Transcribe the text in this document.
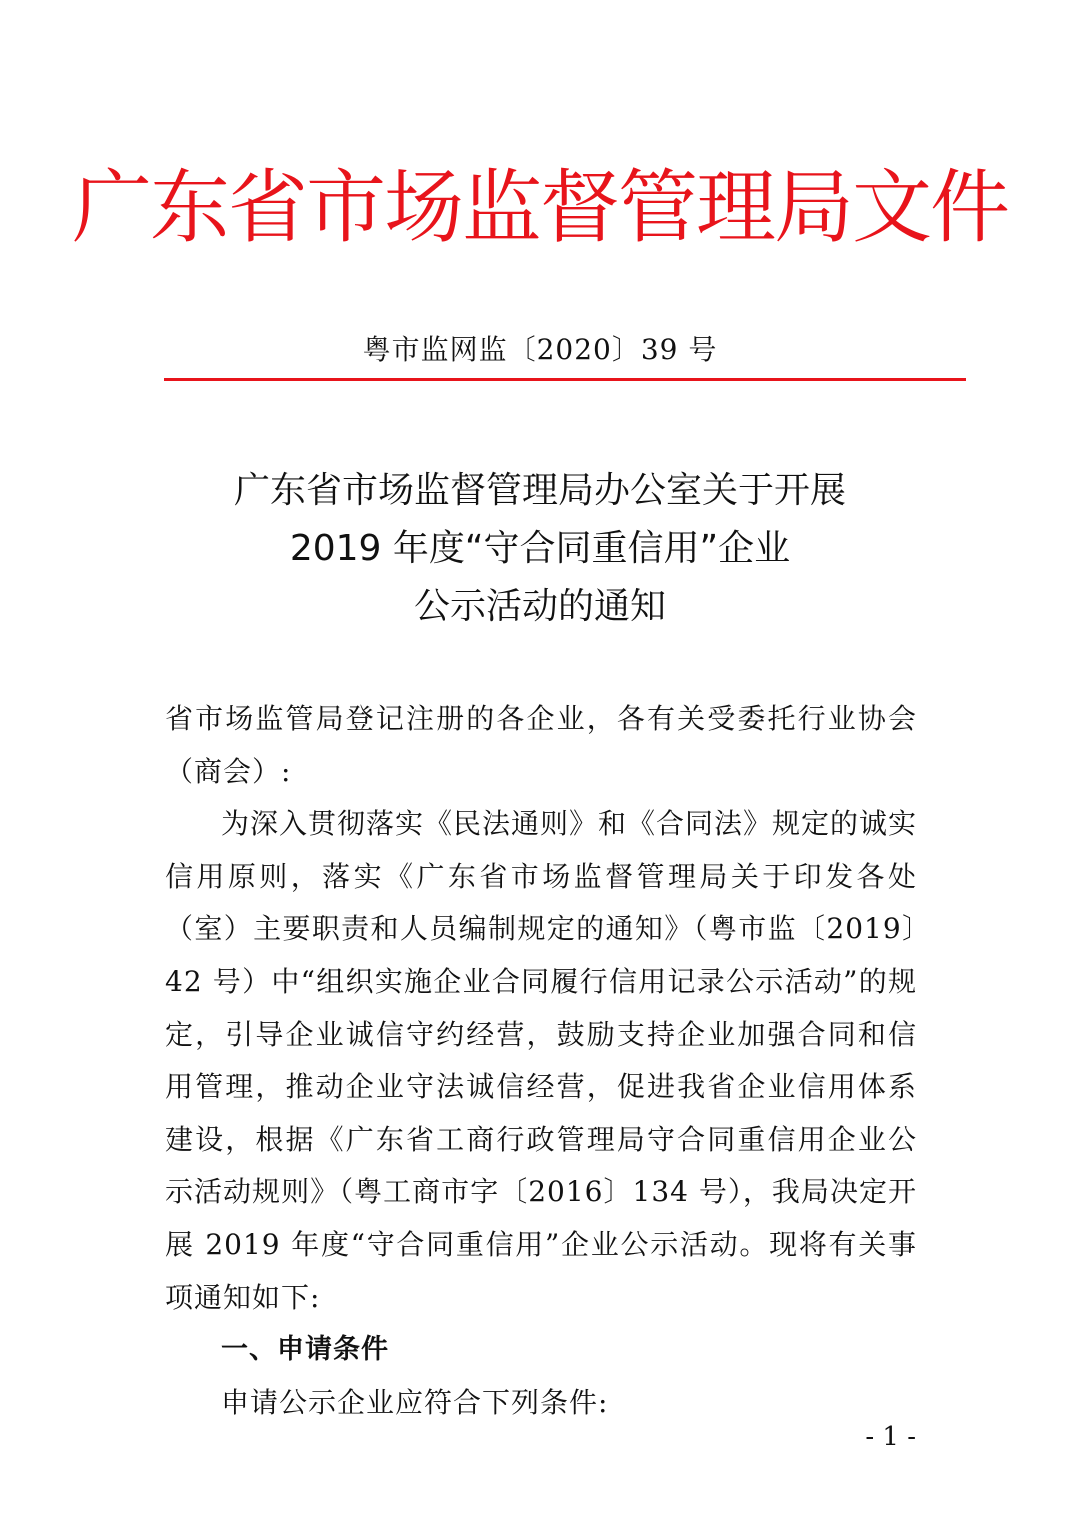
广东省市场监督管理局文件
粤市监网监〔2020〕39 号
广东省市场监督管理局办公室关于开展
2019 年度“守合同重信用”企业
公示活动的通知

省市场监管局登记注册的各企业，各有关受委托行业协会（商会）:

为深入贯彻落实《民法通则》和《合同法》规定的诚实信用原则，落实《广东省市场监督管理局关于印发各处（室）主要职责和人员编制规定的通知》（粤市监〔2019〕42 号）中“组织实施企业合同履行信用记录公示活动”的规定，引导企业诚信守约经营，鼓励支持企业加强合同和信用管理，推动企业守法诚信经营，促进我省企业信用体系建设，根据《广东省工商行政管理局守合同重信用企业公示活动规则》（粤工商市字〔2016〕134 号），我局决定开展 2019 年度“守合同重信用”企业公示活动。现将有关事项通知如下:

一、申请条件

申请公示企业应符合下列条件:

- 1 -
